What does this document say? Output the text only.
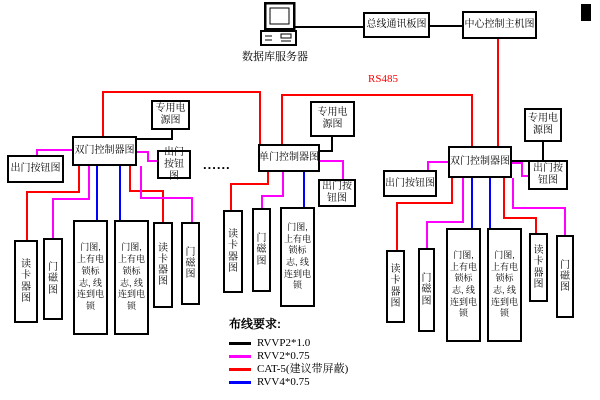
数据库服务器
总线通讯板图	中心控制主机图
RS485
专用电源图
专用电源图
专用电源图
双门控制器图
单门控制器图	双门控制器图
出门按钮图
出门按钮图
出门按钮图
出门按钮图
出门按钮图
......
读卡器图
门磁图
门图,上有电锁标志, 线连到电锁
门图,上有电锁标志, 线连到电锁
读卡器图
门磁图
读卡器图
门磁图
门图,上有电锁标志, 线连到电锁
读卡器图
门磁图
门图,上有电锁标志, 线连到电锁
门图,上有电锁标志, 线连到电锁
读卡器图
门磁图
布线要求:
RVVP2*1.0
RVV2*0.75
CAT-5(建议带屏蔽)
RVV4*0.75
